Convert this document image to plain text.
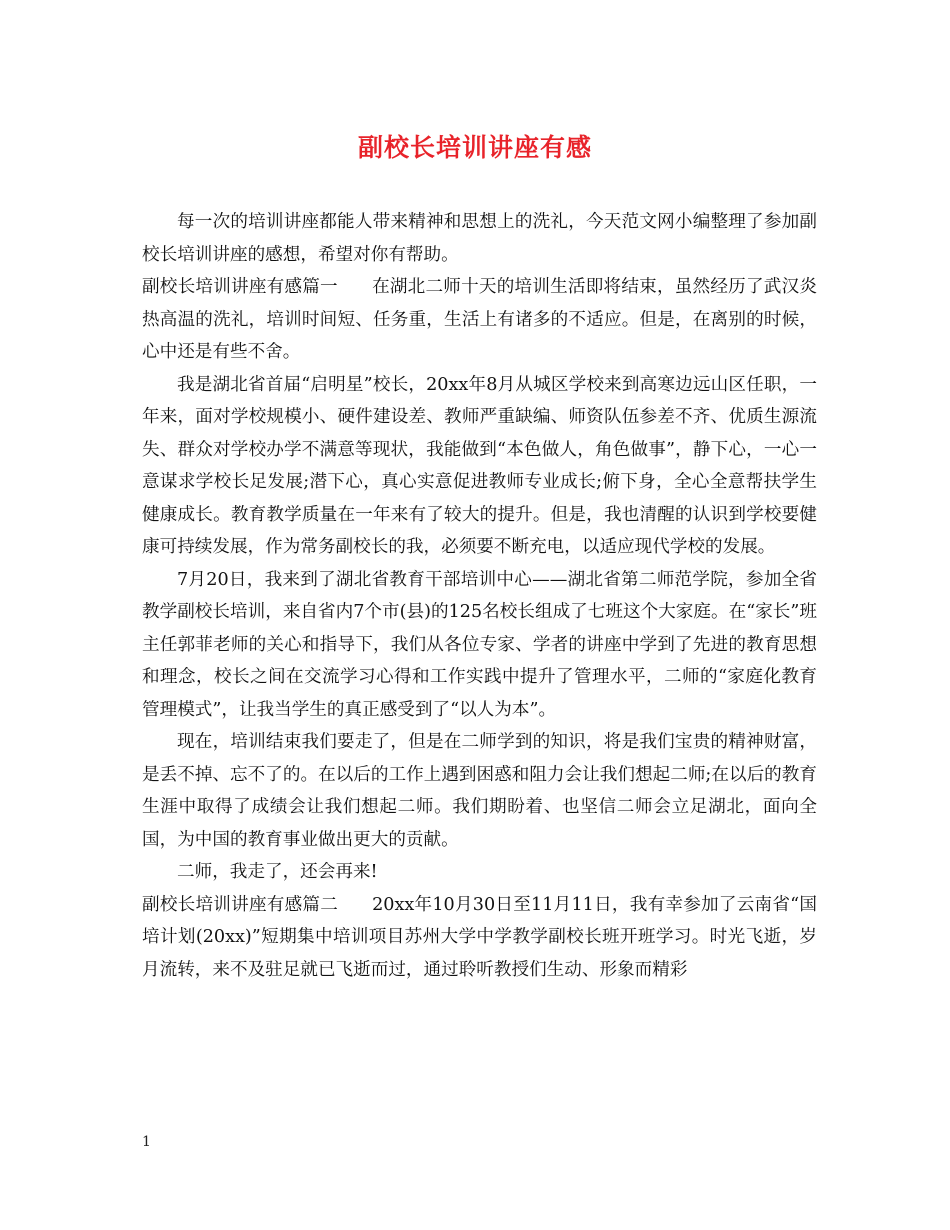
副校长培训讲座有感

每一次的培训讲座都能人带来精神和思想上的洗礼，今天范文网小编整理了参加副校长培训讲座的感想，希望对你有帮助。

副校长培训讲座有感篇一 在湖北二师十天的培训生活即将结束，虽然经历了武汉炎热高温的洗礼，培训时间短、任务重，生活上有诸多的不适应。但是，在离别的时候，心中还是有些不舍。

我是湖北省首届“启明星”校长，20xx年8月从城区学校来到高寒边远山区任职，一年来，面对学校规模小、硬件建设差、教师严重缺编、师资队伍参差不齐、优质生源流失、群众对学校办学不满意等现状，我能做到“本色做人，角色做事”，静下心，一心一意谋求学校长足发展;潜下心，真心实意促进教师专业成长;俯下身，全心全意帮扶学生健康成长。教育教学质量在一年来有了较大的提升。但是，我也清醒的认识到学校要健康可持续发展，作为常务副校长的我，必须要不断充电，以适应现代学校的发展。

7月20日，我来到了湖北省教育干部培训中心——湖北省第二师范学院，参加全省教学副校长培训，来自省内7个市(县)的125名校长组成了七班这个大家庭。在“家长”班主任郭菲老师的关心和指导下，我们从各位专家、学者的讲座中学到了先进的教育思想和理念，校长之间在交流学习心得和工作实践中提升了管理水平，二师的“家庭化教育管理模式”，让我当学生的真正感受到了“以人为本”。

现在，培训结束我们要走了，但是在二师学到的知识，将是我们宝贵的精神财富，是丢不掉、忘不了的。在以后的工作上遇到困惑和阻力会让我们想起二师;在以后的教育生涯中取得了成绩会让我们想起二师。我们期盼着、也坚信二师会立足湖北，面向全国，为中国的教育事业做出更大的贡献。

二师，我走了，还会再来!

副校长培训讲座有感篇二 20xx年10月30日至11月11日，我有幸参加了云南省“国培计划(20xx)”短期集中培训项目苏州大学中学教学副校长班开班学习。时光飞逝，岁月流转，来不及驻足就已飞逝而过，通过聆听教授们生动、形象而精彩

1
